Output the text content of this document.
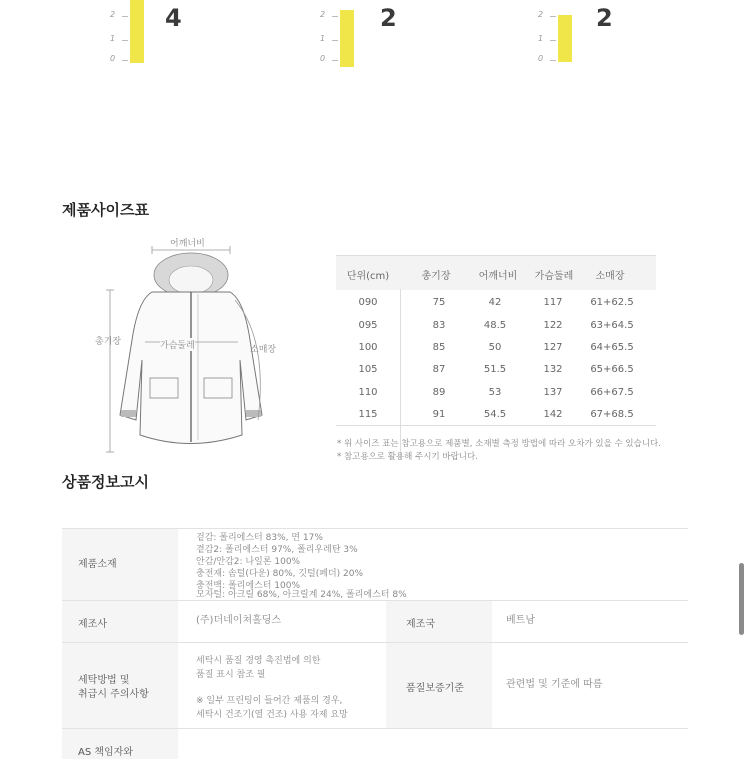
2
1
0
4	2
1
0
2	2
1
0
2
제품사이즈표
어깨너비
총기장	가슴둘레	소매장
단위(cm)	총기장	어깨너비	가슴둘레	소매장
090	75	42	117	61+62.5
095	83	48.5	122	63+64.5
100	85	50	127	64+65.5
105	87	51.5	132	65+66.5
110	89	53	137	66+67.5
115	91	54.5	142	67+68.5
* 위 사이즈 표는 참고용으로 제품별, 소재별 측정 방법에 따라 오차가 있을 수 있습니다.
* 참고용으로 활용해 주시기 바랍니다.
상품정보고시
제품소재
겉감: 폴리에스터 83%, 면 17%
곁감2: 폴리에스터 97%, 폴리우레탄 3%
안감/안감2: 나일론 100%
충전재: 솜털(다운) 80%, 깃털(페더) 20%
충전백: 폴리에스터 100%
모자털: 아크릴 68%, 아크릴계 24%, 폴리에스터 8%
제조사	(주)더네이쳐홀딩스	제조국	베트남
세탁방법 및
취급시 주의사항
세탁시 품질 경영 촉진법에 의한
품질 표시 참조 필
※ 일부 프린팅이 들어간 제품의 경우,
세탁시 건조기(열 건조) 사용 자제 요망
품질보증기준	관련법 및 기준에 따름
AS 책임자와
